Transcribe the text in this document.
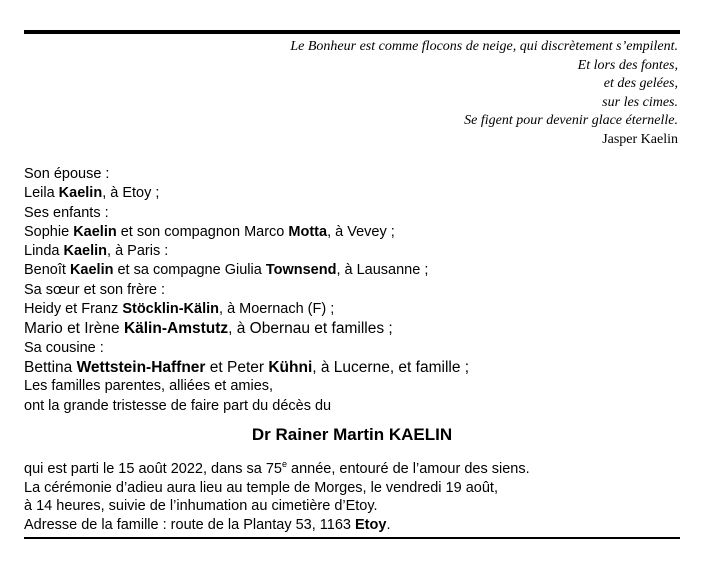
Le Bonheur est comme flocons de neige, qui discrètement s’empilent.
Et lors des fontes,
et des gelées,
sur les cimes.
Se figent pour devenir glace éternelle.
Jasper Kaelin
Son épouse :
Leila Kaelin, à Etoy ;
Ses enfants :
Sophie Kaelin et son compagnon Marco Motta, à Vevey ;
Linda Kaelin, à Paris :
Benoît Kaelin et sa compagne Giulia Townsend, à Lausanne ;
Sa sœur et son frère :
Heidy et Franz Stöcklin-Kälin, à Moernach (F) ;
Mario et Irène Kälin-Amstutz, à Obernau et familles ;
Sa cousine :
Bettina Wettstein-Haffner et Peter Kühni, à Lucerne, et famille ;
Les familles parentes, alliées et amies,
ont la grande tristesse de faire part du décès du
Dr Rainer Martin KAELIN
qui est parti le 15 août 2022, dans sa 75e année, entouré de l’amour des siens.
La cérémonie d’adieu aura lieu au temple de Morges, le vendredi 19 août,
à 14 heures, suivie de l’inhumation au cimetière d’Etoy.
Adresse de la famille : route de la Plantay 53, 1163 Etoy.
